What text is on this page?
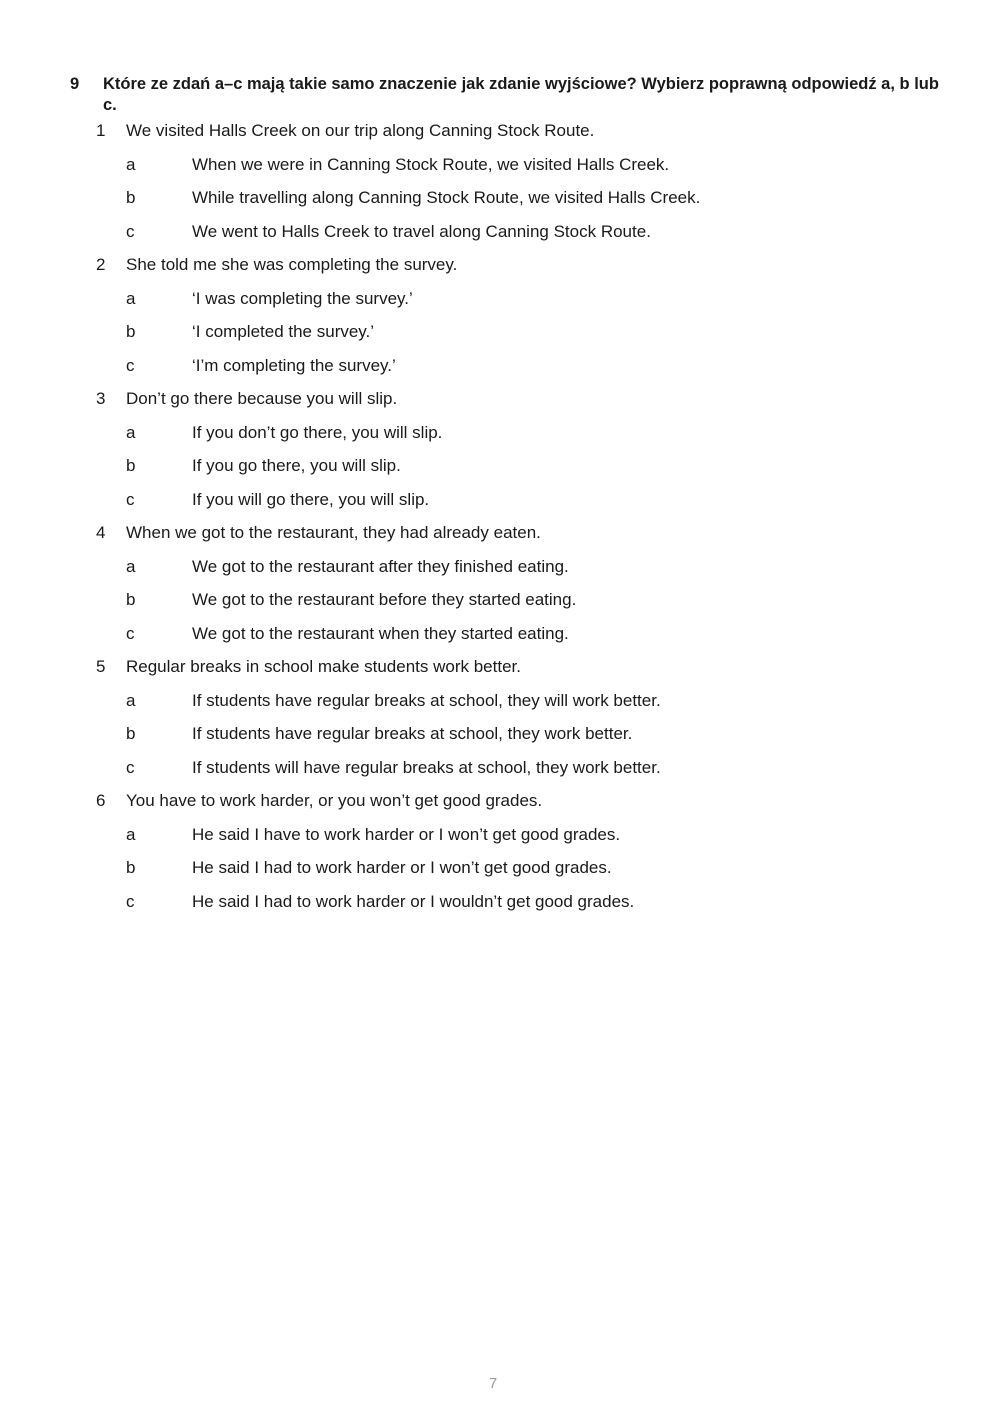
9	Które ze zdań a–c mają takie samo znaczenie jak zdanie wyjściowe? Wybierz poprawną odpowiedź a, b lub c.
1	We visited Halls Creek on our trip along Canning Stock Route.
a	When we were in Canning Stock Route, we visited Halls Creek.
b	While travelling along Canning Stock Route, we visited Halls Creek.
c	We went to Halls Creek to travel along Canning Stock Route.
2	She told me she was completing the survey.
a	‘I was completing the survey.’
b	‘I completed the survey.’
c	‘I’m completing the survey.’
3	Don’t go there because you will slip.
a	If you don’t go there, you will slip.
b	If you go there, you will slip.
c	If you will go there, you will slip.
4	When we got to the restaurant, they had already eaten.
a	We got to the restaurant after they finished eating.
b	We got to the restaurant before they started eating.
c	We got to the restaurant when they started eating.
5	Regular breaks in school make students work better.
a	If students have regular breaks at school, they will work better.
b	If students have regular breaks at school, they work better.
c	If students will have regular breaks at school, they work better.
6	You have to work harder, or you won’t get good grades.
a	He said I have to work harder or I won’t get good grades.
b	He said I had to work harder or I won’t get good grades.
c	He said I had to work harder or I wouldn’t get good grades.
7
